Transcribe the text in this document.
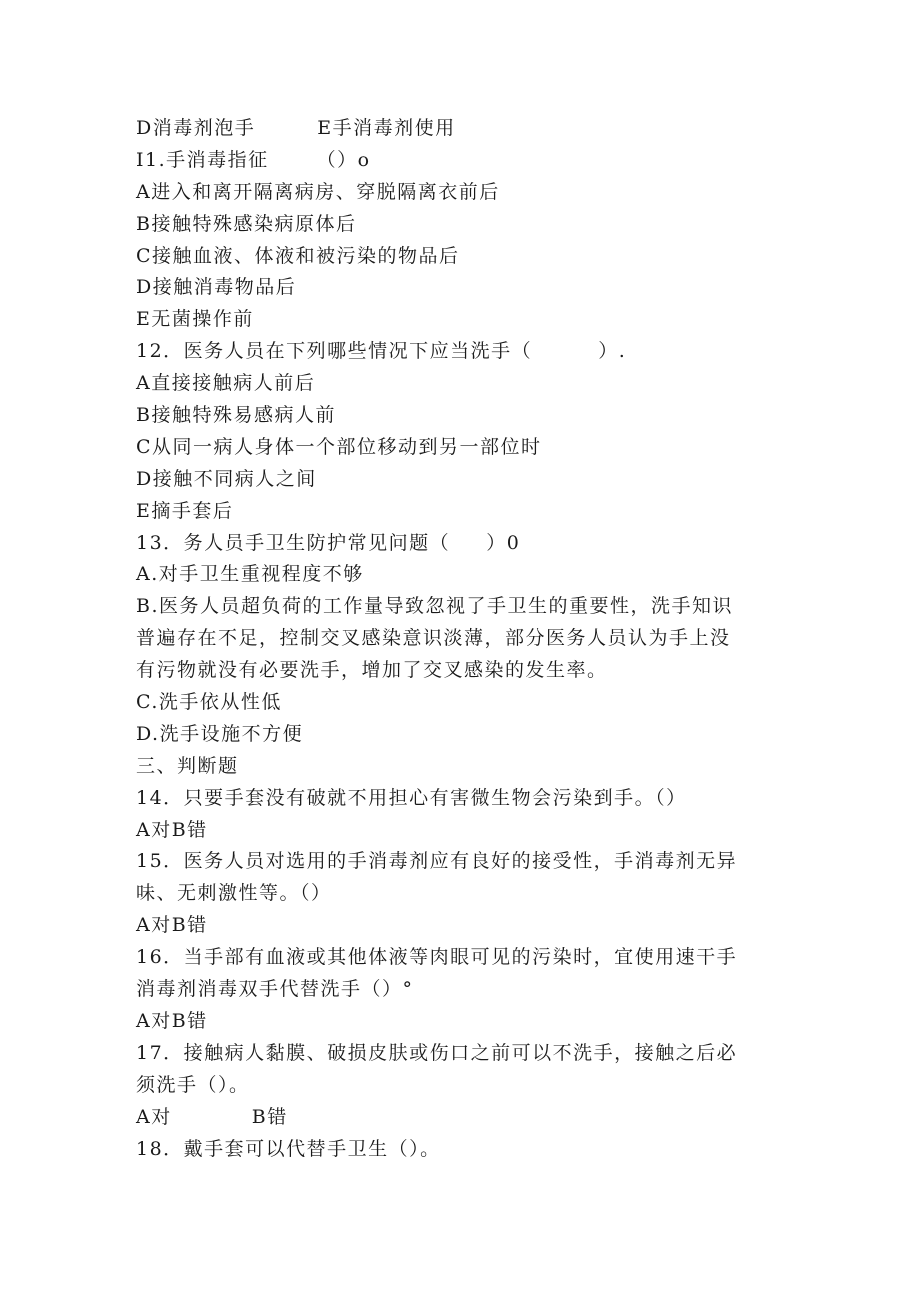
D消毒剂泡手	E手消毒剂使用
I1.手消毒指征	（）o
A进入和离开隔离病房、穿脱隔离衣前后
B接触特殊感染病原体后
C接触血液、体液和被污染的物品后
D接触消毒物品后
E无菌操作前
12．医务人员在下列哪些情况下应当洗手（	）.
A直接接触病人前后
B接触特殊易感病人前
C从同一病人身体一个部位移动到另一部位时
D接触不同病人之间
E摘手套后
13．务人员手卫生防护常见问题（ ）0
A.对手卫生重视程度不够
B.医务人员超负荷的工作量导致忽视了手卫生的重要性，洗手知识
普遍存在不足，控制交叉感染意识淡薄，部分医务人员认为手上没
有污物就没有必要洗手，增加了交叉感染的发生率。
C.洗手依从性低
D.洗手设施不方便
三、判断题
14．只要手套没有破就不用担心有害微生物会污染到手。（）
A对B错
15．医务人员对选用的手消毒剂应有良好的接受性，手消毒剂无异
味、无刺激性等。（）
A对B错
16．当手部有血液或其他体液等肉眼可见的污染时，宜使用速干手
消毒剂消毒双手代替洗手（）°
A对B错
17．接触病人黏膜、破损皮肤或伤口之前可以不洗手，接触之后必
须洗手（）。
A对	B错
18．戴手套可以代替手卫生（）。
